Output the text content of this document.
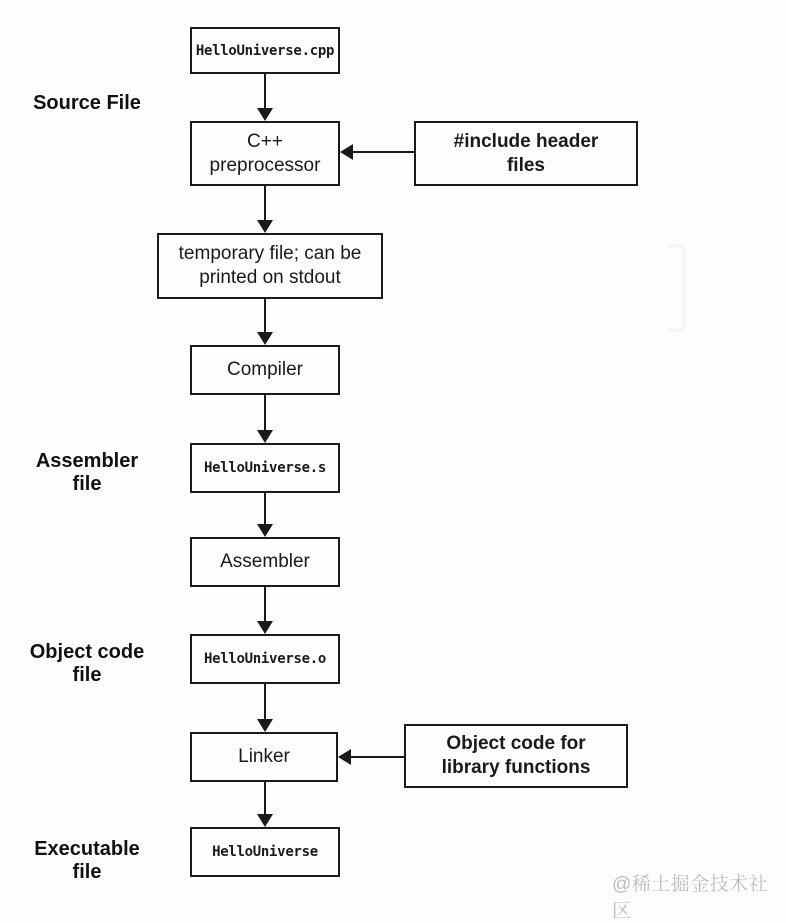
Source File
Assembler file
Object code file
Executable file
HelloUniverse.cpp
C++ preprocessor
#include header files
temporary file; can be printed on stdout
Compiler
HelloUniverse.s
Assembler
HelloUniverse.o
Linker
Object code for library functions
HelloUniverse
@稀土掘金技术社区
